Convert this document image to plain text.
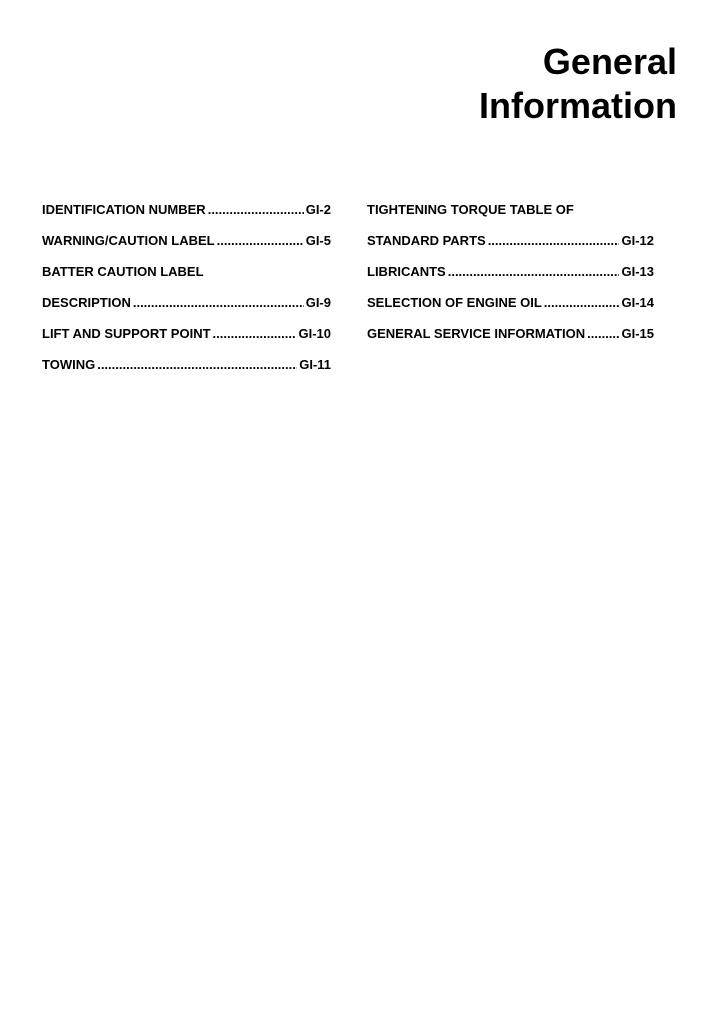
General
Information
IDENTIFICATION NUMBER .....	GI-2
WARNING/CAUTION LABEL .....	GI-5
BATTER CAUTION LABEL
DESCRIPTION .....	GI-9
LIFT AND SUPPORT POINT .....	GI-10
TOWING .....	GI-11
TIGHTENING TORQUE TABLE OF
STANDARD PARTS .....	GI-12
LIBRICANTS .....	GI-13
SELECTION OF ENGINE OIL .....	GI-14
GENERAL SERVICE INFORMATION .....	GI-15
